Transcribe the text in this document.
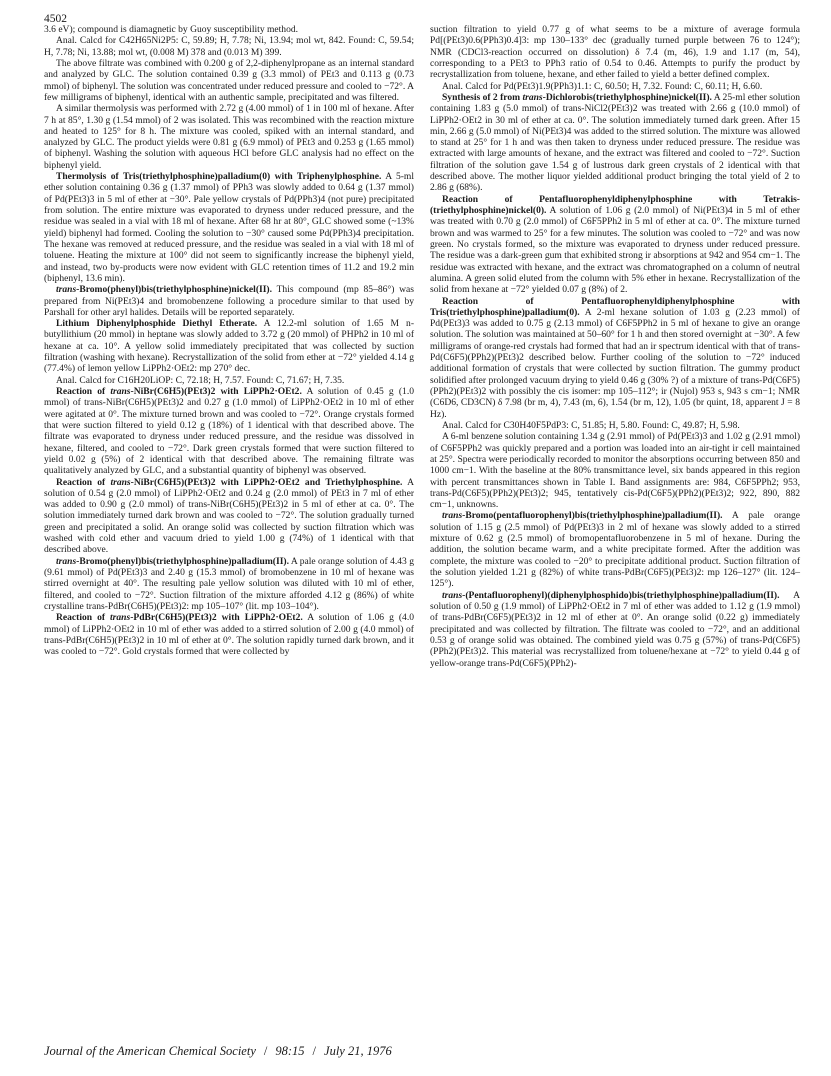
4502

3.6 eV); compound is diamagnetic by Guoy susceptibility method.

Anal. Calcd for C42H65Ni2P5: C, 59.89; H, 7.78; Ni, 13.94; mol wt, 842. Found: C, 59.54; H, 7.78; Ni, 13.88; mol wt, (0.008 M) 378 and (0.013 M) 399.

The above filtrate was combined with 0.200 g of 2,2-diphenylpropane as an internal standard and analyzed by GLC. The solution contained 0.39 g (3.3 mmol) of PEt3 and 0.113 g (0.73 mmol) of biphenyl. The solution was concentrated under reduced pressure and cooled to −72°. A few milligrams of biphenyl, identical with an authentic sample, precipitated and was filtered.

A similar thermolysis was performed with 2.72 g (4.00 mmol) of 1 in 100 ml of hexane. After 7 h at 85°, 1.30 g (1.54 mmol) of 2 was isolated. This was recombined with the reaction mixture and heated to 125° for 8 h. The mixture was cooled, spiked with an internal standard, and analyzed by GLC. The product yields were 0.81 g (6.9 mmol) of PEt3 and 0.253 g (1.65 mmol) of biphenyl. Washing the solution with aqueous HCl before GLC analysis had no effect on the biphenyl yield.

Thermolysis of Tris(triethylphosphine)palladium(0) with Triphenylphosphine. A 5-ml ether solution containing 0.36 g (1.37 mmol) of PPh3 was slowly added to 0.64 g (1.37 mmol) of Pd(PEt3)3 in 5 ml of ether at −30°. Pale yellow crystals of Pd(PPh3)4 (not pure) precipitated from solution. The entire mixture was evaporated to dryness under reduced pressure, and the residue was sealed in a vial with 18 ml of hexane. After 68 hr at 80°, GLC showed some (~13% yield) biphenyl had formed. Cooling the solution to −30° caused some Pd(PPh3)4 precipitation. The hexane was removed at reduced pressure, and the residue was sealed in a vial with 18 ml of toluene. Heating the mixture at 100° did not seem to significantly increase the biphenyl yield, and instead, two by-products were now evident with GLC retention times of 11.2 and 19.2 min (biphenyl, 13.6 min).

trans-Bromo(phenyl)bis(triethylphosphine)nickel(II). This compound (mp 85–86°) was prepared from Ni(PEt3)4 and bromobenzene following a procedure similar to that used by Parshall for other aryl halides. Details will be reported separately.

Lithium Diphenylphosphide Diethyl Etherate. A 12.2-ml solution of 1.65 M n-butyllithium (20 mmol) in heptane was slowly added to 3.72 g (20 mmol) of PHPh2 in 10 ml of hexane at ca. 10°. A yellow solid immediately precipitated that was collected by suction filtration (washing with hexane). Recrystallization of the solid from ether at −72° yielded 4.14 g (77.4%) of lemon yellow LiPPh2·OEt2: mp 270° dec.

Anal. Calcd for C16H20LiOP: C, 72.18; H, 7.57. Found: C, 71.67; H, 7.35.

Reaction of trans-NiBr(C6H5)(PEt3)2 with LiPPh2·OEt2. A solution of 0.45 g (1.0 mmol) of trans-NiBr(C6H5)(PEt3)2 and 0.27 g (1.0 mmol) of LiPPh2·OEt2 in 10 ml of ether were agitated at 0°. The mixture turned brown and was cooled to −72°. Orange crystals formed that were suction filtered to yield 0.12 g (18%) of 1 identical with that described above. The filtrate was evaporated to dryness under reduced pressure, and the residue was dissolved in hexane, filtered, and cooled to −72°. Dark green crystals formed that were suction filtered to yield 0.02 g (5%) of 2 identical with that described above. The remaining filtrate was qualitatively analyzed by GLC, and a substantial quantity of biphenyl was observed.

Reaction of trans-NiBr(C6H5)(PEt3)2 with LiPPh2·OEt2 and Triethylphosphine. A solution of 0.54 g (2.0 mmol) of LiPPh2·OEt2 and 0.24 g (2.0 mmol) of PEt3 in 7 ml of ether was added to 0.90 g (2.0 mmol) of trans-NiBr(C6H5)(PEt3)2 in 5 ml of ether at ca. 0°. The solution immediately turned dark brown and was cooled to −72°. The solution gradually turned green and precipitated a solid. An orange solid was collected by suction filtration which was washed with cold ether and vacuum dried to yield 1.00 g (74%) of 1 identical with that described above.

trans-Bromo(phenyl)bis(triethylphosphine)palladium(II). A pale orange solution of 4.43 g (9.61 mmol) of Pd(PEt3)3 and 2.40 g (15.3 mmol) of bromobenzene in 10 ml of hexane was stirred overnight at 40°. The resulting pale yellow solution was diluted with 10 ml of ether, filtered, and cooled to −72°. Suction filtration of the mixture afforded 4.12 g (86%) of white crystalline trans-PdBr(C6H5)(PEt3)2: mp 105–107° (lit. mp 103–104°).

Reaction of trans-PdBr(C6H5)(PEt3)2 with LiPPh2·OEt2. A solution of 1.06 g (4.0 mmol) of LiPPh2·OEt2 in 10 ml of ether was added to a stirred solution of 2.00 g (4.0 mmol) of trans-PdBr(C6H5)(PEt3)2 in 10 ml of ether at 0°. The solution rapidly turned dark brown, and it was cooled to −72°. Gold crystals formed that were collected by

suction filtration to yield 0.77 g of what seems to be a mixture of average formula Pd[(PEt3)0.6(PPh3)0.4]3: mp 130–133° dec (gradually turned purple between 76 to 124°); NMR (CDCl3-reaction occurred on dissolution) δ 7.4 (m, 46), 1.9 and 1.17 (m, 54), corresponding to a PEt3 to PPh3 ratio of 0.54 to 0.46. Attempts to purify the product by recrystallization from toluene, hexane, and ether failed to yield a better defined complex.

Anal. Calcd for Pd(PEt3)1.9(PPh3)1.1: C, 60.50; H, 7.32. Found: C, 60.11; H, 6.60.

Synthesis of 2 from trans-Dichlorobis(triethylphosphine)nickel(II). A 25-ml ether solution containing 1.83 g (5.0 mmol) of trans-NiCl2(PEt3)2 was treated with 2.66 g (10.0 mmol) of LiPPh2·OEt2 in 30 ml of ether at ca. 0°. The solution immediately turned dark green. After 15 min, 2.66 g (5.0 mmol) of Ni(PEt3)4 was added to the stirred solution. The mixture was allowed to stand at 25° for 1 h and was then taken to dryness under reduced pressure. The residue was extracted with large amounts of hexane, and the extract was filtered and cooled to −72°. Suction filtration of the solution gave 1.54 g of lustrous dark green crystals of 2 identical with that described above. The mother liquor yielded additional product bringing the total yield of 2 to 2.86 g (68%).

Reaction of Pentafluorophenyldiphenylphosphine with Tetrakis-(triethylphosphine)nickel(0). A solution of 1.06 g (2.0 mmol) of Ni(PEt3)4 in 5 ml of ether was treated with 0.70 g (2.0 mmol) of C6F5PPh2 in 5 ml of ether at ca. 0°. The mixture turned brown and was warmed to 25° for a few minutes. The solution was cooled to −72° and was now green. No crystals formed, so the mixture was evaporated to dryness under reduced pressure. The residue was a dark-green gum that exhibited strong ir absorptions at 942 and 954 cm−1. The residue was extracted with hexane, and the extract was chromatographed on a column of neutral alumina. A green solid eluted from the column with 5% ether in hexane. Recrystallization of the solid from hexane at −72° yielded 0.07 g (8%) of 2.

Reaction of Pentafluorophenyldiphenylphosphine with Tris(triethylphosphine)palladium(0). A 2-ml hexane solution of 1.03 g (2.23 mmol) of Pd(PEt3)3 was added to 0.75 g (2.13 mmol) of C6F5PPh2 in 5 ml of hexane to give an orange solution. The solution was maintained at 50–60° for 1 h and then stored overnight at −30°. A few milligrams of orange-red crystals had formed that had an ir spectrum identical with that of trans-Pd(C6F5)(PPh2)(PEt3)2 described below. Further cooling of the solution to −72° induced additional formation of crystals that were collected by suction filtration. The gummy product solidified after prolonged vacuum drying to yield 0.46 g (30% ?) of a mixture of trans-Pd(C6F5)(PPh2)(PEt3)2 with possibly the cis isomer: mp 105–112°; ir (Nujol) 953 s, 943 s cm−1; NMR (C6D6, CD3CN) δ 7.98 (br m, 4), 7.43 (m, 6), 1.54 (br m, 12), 1.05 (br quint, 18, apparent J = 8 Hz).

Anal. Calcd for C30H40F5PdP3: C, 51.85; H, 5.80. Found: C, 49.87; H, 5.98.

A 6-ml benzene solution containing 1.34 g (2.91 mmol) of Pd(PEt3)3 and 1.02 g (2.91 mmol) of C6F5PPh2 was quickly prepared and a portion was loaded into an air-tight ir cell maintained at 25°. Spectra were periodically recorded to monitor the absorptions occurring between 850 and 1000 cm−1. With the baseline at the 80% transmittance level, six bands appeared in this region with percent transmittances shown in Table I. Band assignments are: 984, C6F5PPh2; 953, trans-Pd(C6F5)(PPh2)(PEt3)2; 945, tentatively cis-Pd(C6F5)(PPh2)(PEt3)2; 922, 890, 882 cm−1, unknowns.

trans-Bromo(pentafluorophenyl)bis(triethylphosphine)palladium(II). A pale orange solution of 1.15 g (2.5 mmol) of Pd(PEt3)3 in 2 ml of hexane was slowly added to a stirred mixture of 0.62 g (2.5 mmol) of bromopentafluorobenzene in 5 ml of hexane. During the addition, the solution became warm, and a white precipitate formed. After the addition was complete, the mixture was cooled to −20° to precipitate additional product. Suction filtration of the solution yielded 1.21 g (82%) of white trans-PdBr(C6F5)(PEt3)2: mp 126–127° (lit. 124–125°).

trans-(Pentafluorophenyl)(diphenylphosphido)bis(triethylphosphine)palladium(II). A solution of 0.50 g (1.9 mmol) of LiPPh2·OEt2 in 7 ml of ether was added to 1.12 g (1.9 mmol) of trans-PdBr(C6F5)(PEt3)2 in 12 ml of ether at 0°. An orange solid (0.22 g) immediately precipitated and was collected by filtration. The filtrate was cooled to −72°, and an additional 0.53 g of orange solid was obtained. The combined yield was 0.75 g (57%) of trans-Pd(C6F5)(PPh2)(PEt3)2. This material was recrystallized from toluene/hexane at −72° to yield 0.44 g of yellow-orange trans-Pd(C6F5)(PPh2)-

Journal of the American Chemical Society / 98:15 / July 21, 1976
